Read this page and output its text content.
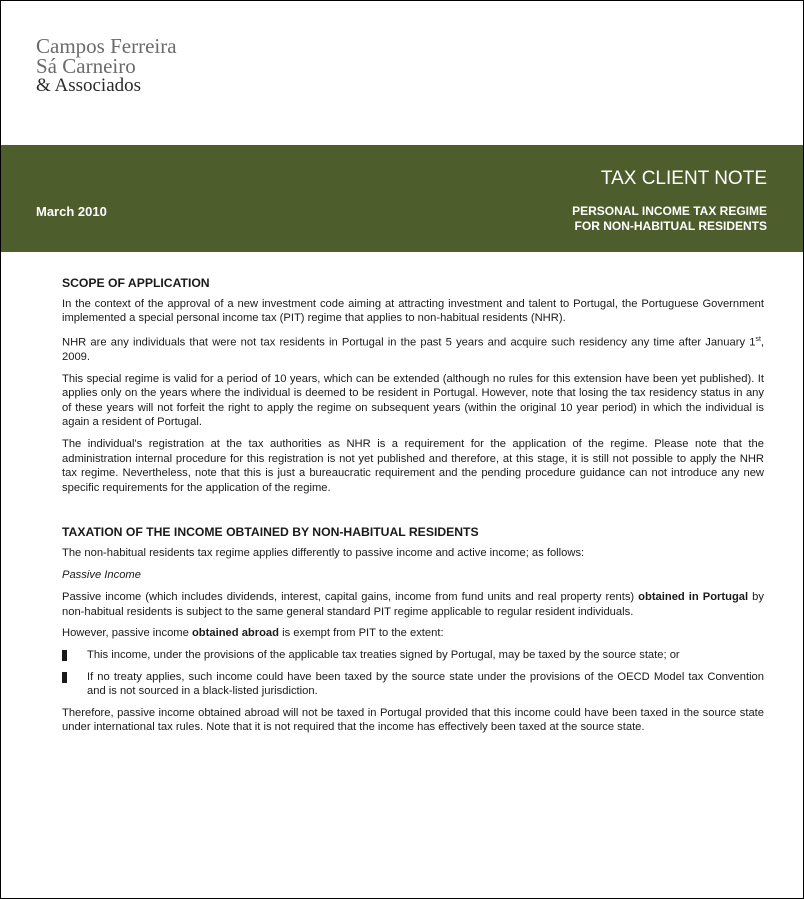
Campos Ferreira
Sá Carneiro
& Associados
TAX CLIENT NOTE
March 2010	PERSONAL INCOME TAX REGIME
FOR NON-HABITUAL RESIDENTS
SCOPE OF APPLICATION

In the context of the approval of a new investment code aiming at attracting investment and talent to Portugal, the Portuguese Government implemented a special personal income tax (PIT) regime that applies to non-habitual residents (NHR).

NHR are any individuals that were not tax residents in Portugal in the past 5 years and acquire such residency any time after January 1st, 2009.

This special regime is valid for a period of 10 years, which can be extended (although no rules for this extension have been yet published). It applies only on the years where the individual is deemed to be resident in Portugal. However, note that losing the tax residency status in any of these years will not forfeit the right to apply the regime on subsequent years (within the original 10 year period) in which the individual is again a resident of Portugal.

The individual's registration at the tax authorities as NHR is a requirement for the application of the regime. Please note that the administration internal procedure for this registration is not yet published and therefore, at this stage, it is still not possible to apply the NHR tax regime. Nevertheless, note that this is just a bureaucratic requirement and the pending procedure guidance can not introduce any new specific requirements for the application of the regime.

TAXATION OF THE INCOME OBTAINED BY NON-HABITUAL RESIDENTS

The non-habitual residents tax regime applies differently to passive income and active income; as follows:

Passive Income

Passive income (which includes dividends, interest, capital gains, income from fund units and real property rents) obtained in Portugal by non-habitual residents is subject to the same general standard PIT regime applicable to regular resident individuals.

However, passive income obtained abroad is exempt from PIT to the extent:

This income, under the provisions of the applicable tax treaties signed by Portugal, may be taxed by the source state; or
If no treaty applies, such income could have been taxed by the source state under the provisions of the OECD Model tax Convention and is not sourced in a black-listed jurisdiction.

Therefore, passive income obtained abroad will not be taxed in Portugal provided that this income could have been taxed in the source state under international tax rules. Note that it is not required that the income has effectively been taxed at the source state.
